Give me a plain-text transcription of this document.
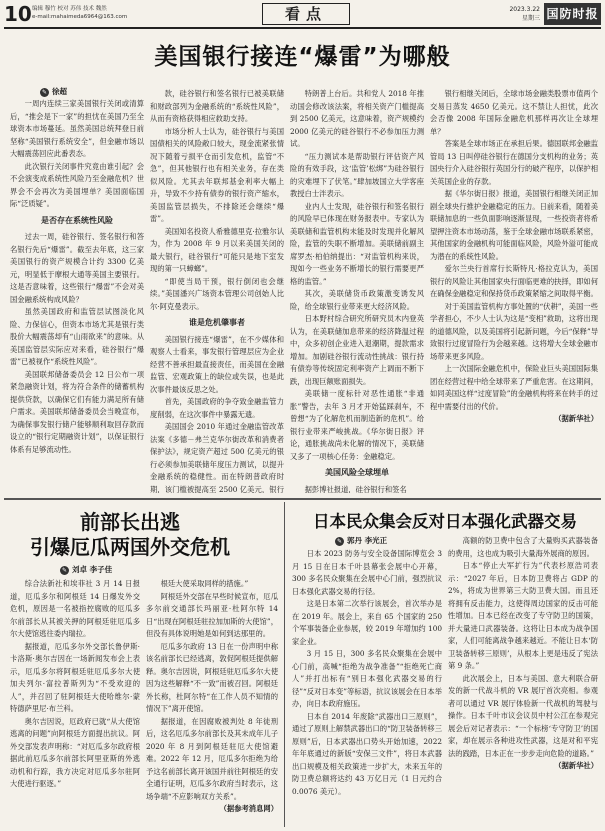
10 编辑 穆竹 校对 苏伟 技术 魏然
e-mail:mahaimeda6964@163.com	看点	2023.3.22
星期三 国防时报
美国银行接连“爆雷”为哪般
✎ 徐超

一周内连续三家美国银行关闭或清算后，“推会是下一家”的担忧在美国乃至全球资本市场蔓延。虽然美国总统拜登日前坚称“美国银行系统安全”，但金融市场以大幅震荡回应此番表态。

此次银行关闭事件究竟由谁引起？会不会演变成系统性风险乃至金融危机？世界会不会再次为美国埋单？美国面临国际“泛质疑”。

是否存在系统性风险

过去一周，硅谷银行、签名银行和答名银行先后“爆雷”。截至去年底，这三家美国银行的资产规模合计约 3300 亿美元，明显低于摩根大通等美国主要银行。这是否意味着，这些银行“爆雷”不会对美国金融系统构成风险？

虽然美国政府和监管层试图淡化风险、力保信心，但资本市场尤其是银行类股价大幅震荡却有“山雨欲来”的意味。从美国监管层实际应对来看，硅谷银行“爆雷”已被视作“系统性风险”。

美国联邦储备委员会 12 日公布一项紧急融资计划，将为符合条件的储蓄机构提供贷款，以确保它们有能力满足所有储户需求。美国联邦储备委员会当晚宣布，为确保事发银行储户能够顺利取回存款而设立的“银行定期融资计划”，以保证银行体系有足够流动性。

款，硅谷银行和签名银行已被美联储和财政部列为金融系统的“系统性风险”，从而有资格获得相应救助支持。

市场分析人士认为，硅谷银行与美国国债相关的风险敞口较大，现金流紧张情况下随着亏损平仓而引发危机，监管“不急”，但其他银行也有相关业务，存在类似风险。尤其去年联邦基金利率大幅上升，导致不少持有债券的银行资产缩水，美国监管层损失，不排除还会继续“爆雷”。

美国知名投资人希雅德里克·拉雅尔认为，作为 2008 年 9 月以来美国关闭的最大银行，硅谷银行“可能只是地下室发现的第一只蟑螂”。

“即使当局干预，银行倒闭也会继续。”美国潘兴广场资本管理公司创始人比尔·阿克曼表示。

谁是危机肇事者

美国银行接连“爆雷”，在不少媒体和观察人士看来，事发银行管理层应为企业经营不善承担最直接责任，而美国在金融监管、宏观政策上的缺位或失误，也是此次事件最该反思之处。

首先，美国政府的争夺致金融监管力度削弱，在这次事件中暴露无遗。

美国国会 2010 年通过金融监管改革法案《多德－弗兰克华尔街改革和消费者保护法》，规定资产超过 500 亿美元的银行必须参加美联储年度压力测试，以提升金融系统的稳健性。而在特朗普政府时期，该门槛被提高至 2500 亿美元，银行

特朗普上台后。共和党人 2018 年推动国会修改该法案，将相关资产门槛提高到 2500 亿美元，这意味着，资产规模约 2000 亿美元的硅谷银行不必参加压力测试。

“压力测试本是帮助银行评估资产风险的有效手段，这‘监管’松绑”为硅谷银行的灾难埋下了伏笔。”肆加坡国立大学客座教授白士泮表示。

业内人士发现，硅谷银行和签名银行的风险早已体现在财务报表中。专家认为美联储和监管机构未能及时发现并化解风险，监管的失职不断增加。美联储前副主席罗杰·柏伯纳提出：“对监管机构来说，现如今一些业务不断增长的银行需要更严格的监管。”

其次，美联储货币政策激变诱发风险，给全球银行业带来更大经济风险。

日本野村综合研究所研究员木内登英认为，在美联储加息带来的经济降温过程中，众多初创企业进入退潮期，提款需求增加。加剧硅谷银行流动性挑战：银行持有债券等传统固定利率资产上调而不断下跌，出现巨额账面损失。

美联储一度标针对恶性通胀“非通胀”警告，去年 3 月才开始猛踩刹车，不曾想“为了化解危机而制造新的危机”。给银行业带来严峻挑战。《华尔街日报》评论，通胀挑战尚未化解的情况下，美联储又多了一项核心任务：金融稳定。

美国风险全球埋单

据彭博社报道，硅谷银行和签名

银行相继关闭后，全球市场金融类股票市值两个交易日蒸发 4650 亿美元。这不禁让人担忧，此次会否像 2008 年国际金融危机那样再次让全球埋单？

答案是全球市场正在承担后果。德国联邦金融监管局 13 日叫停硅谷银行在德国分支机构的业务；英国央行介入硅谷银行英国分行的破产程序，以保护相关英国企业的存款。

据《华尔街日报》报道，美国银行相继关闭正加剧全球央行推护金融稳定的压力。日前来看，随着美联储加息的一些负面影响逐渐显现，一些投资者将希望押注资本市场动荡，鉴于全球金融市场联系紧密，其他国家的金融机构可能面临风险，风险外溢可能成为潜在的系统性风险。

爱尔兰央行首席行长斯特凡·格拉克认为，美国银行的风险让其他国家央行面临更难的抉择，即如何在确保金融稳定和保持货币政策紧缩之间取得平衡。

对于美国监管机构方事处置的“伏耕”，美国一些学者担心，不少人士认为这是“变相”救助，这将出现的道德风险，以及美国将引起新问题，今后“保释”导致银行过度冒险行为会越来越。这将增大全球金融市场带来更多风险。

上一次国际金融危机中，保险业巨头美国国际集团在经营过程中给全球带来了严重危害。在这期间，如同美国这样“过度冒险”的金融机构将来在转手的过程中需要付出的代价。

（据新华社）

前部长出逃
引爆厄瓜两国外交危机
✎ 刘卓 李子佳

综合法新社和埃菲社 3 月 14 日报道，厄瓜多尔和阿根廷 14 日爆发外交危机，原因是一名被指控腐败的厄瓜多尔前部长从其被关押的阿根廷驻厄瓜多尔大使馆逃往委内瑞拉。

据报道，厄瓜多尔外交部长鲁伊斯·卡洛斯·奥尔吉因在一场新闻发布会上表示，厄瓜多尔将阿根廷驻厄瓜多尔大使加夫列尔·富拉普斯列为“不受欢迎的人”，并召回了驻阿根廷大使哈维尔·蒙特德萨里尼·布兰科。

奥尔吉因说，厄政府已就“从大使馆逃离的问题”向阿根廷方面提出抗议。阿外交部发表声明称：“对厄瓜多尔政府根据此前厄瓜多尔前部长阿里亚斯的外逃动机和行踪，我方决定对厄瓜多尔驻阿大使进行驱逐。”

根廷大使采取同样的措施。”

阿根廷外交部在早些时候宣布，厄瓜多尔前交通部长玛丽亚·杜阿尔特 14 日“出现在阿根廷驻拉加加斯的大使馆”，但没有具体说明她是如何到达那里的。

厄瓜多尔政府 13 日在一份声明中称该名前部长已经逃离，敦促阿根廷提供解释。奥尔吉因说，阿根廷驻厄瓜多尔大使因为这些解释“不一致”而被召回。阿根廷外长称，杜阿尔特“在工作人员不知情的情况下”离开使馆。

据报道，在因腐败被判处 8 年徒刑后，这名厄瓜多尔前部长及其未成年儿子 2020 年 8 月到阿根廷驻厄大使馆避难。2022 年 12 月，厄瓜多尔拒绝为给予这名前部长离开该国并前往阿根廷的安全通行证明，厄瓜多尔政府当时表示，这场争端“不应影响双方关系”。

（据参考消息网）

日本民众集会反对日本强化武器交易
✎ 郭丹 李光正

日本 2023 防务与安全设备国际博览会 3 月 15 日在日本千叶县幕张会展中心开幕，300 多名民众聚集在会展中心门前，强烈抗议日本强化武器交易的行径。

这是日本第二次举行该展会，首次举办是在 2019 年。展会上，来自 65 个国家的 250 个军事装备企业参展，较 2019 年增加约 100 家企业。

3 月 15 日，300 多名民众聚集在会展中心门前，高喊“拒绝为战争准备”“拒绝死亡商人”并打出标有“别日本强化武器交易的行径”“反对日本变”等标语，抗议该展会在日本举办，向日本政府施压。

日本自 2014 年废除“武器出口三原则”，通过了原则上解禁武器出口的“防卫装备转移三原则”后，日本武器出口势头开始加速，2022 年年底通过的新版“安保三文件”，将日本武器出口规模及相关政策进一步扩大，未来五年的防卫费总额将达约 43 万亿日元（1 日元约合 0.0076 美元）。

高额的防卫费中包含了大量购买武器装备的费用，这也成为吸引大量海外展商的原因。

日本“停止大军扩行为”代表杉原浩司表示：“2027 年后，日本防卫费将占 GDP 的 2%，将成为世界第三大防卫费大国。而且还将拥有反击能力，这使得周边国家的反击可能性增加。日本已经在改变了专守防卫的国策，并大量进口武器装备。这将让日本成为战争国家，人们可能离战争越来越近。不能让日本‘防卫装备转移三原则’，从根本上更是违反了宪法第 9 条。”

此次展会上，日本与美国、意大利联合研发的新一代战斗机的 VR 展厅首次亮相。参观者可以通过 VR 展厅体验新一代战机的驾驶与操作。日本千叶市议会议员中村公江在参观完展会后对记者表示：“一个标榜‘专守防卫’的国家，却在展示各种进攻性武器，这是对和平宪法的践踏，日本正在一步步走向危险的道路。”

（据新华社）
